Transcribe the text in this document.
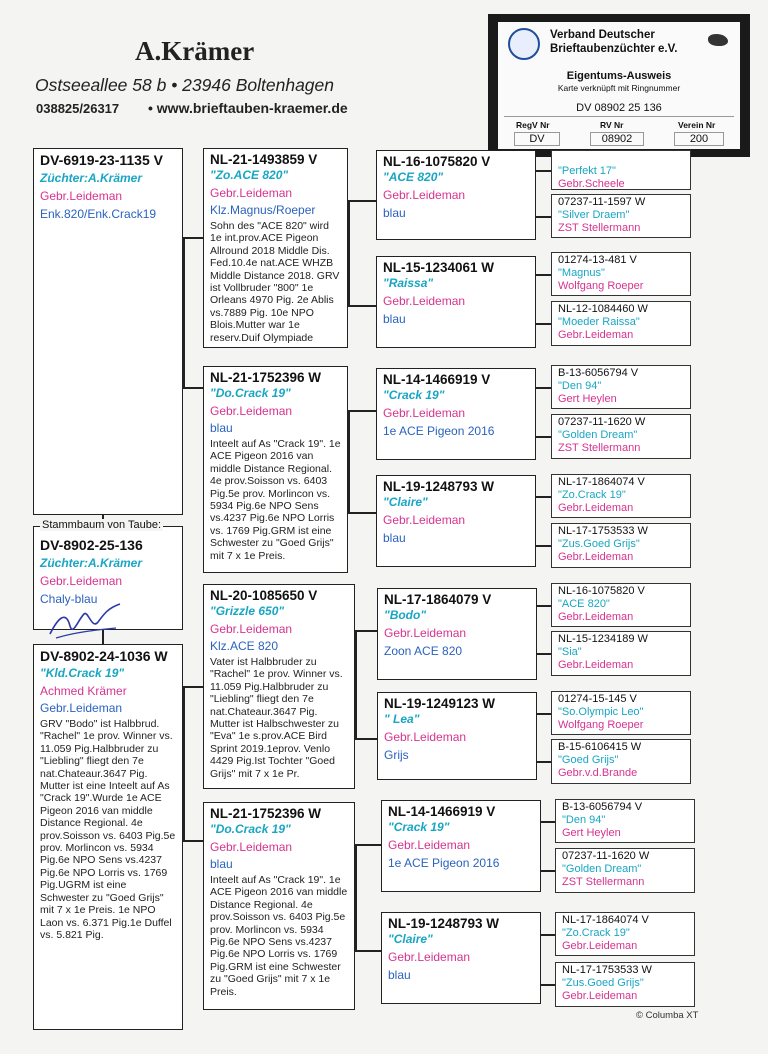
A.Krämer
Ostseeallee 58 b • 23946 Boltenhagen
038825/26317 • www.brieftauben-kraemer.de
Verband Deutscher
Brieftaubenzüchter e.V.
Eigentums-Ausweis
Karte verknüpft mit Ringnummer
DV 08902 25 136
RegV Nr	RV Nr	Verein Nr
DV	08902	200
DV-6919-23-1135 V
Züchter:A.Krämer
Gebr.Leideman
Enk.820/Enk.Crack19
Stammbaum von Taube:
DV-8902-25-136
Züchter:A.Krämer
Gebr.Leideman
Chaly-blau
DV-8902-24-1036 W
"Kld.Crack 19"
Achmed Krämer
Gebr.Leideman
GRV "Bodo" ist Halbbrud. "Rachel" 1e prov. Winner vs. 11.059 Pig.Halbbruder zu "Liebling" fliegt den 7e nat.Chateaur.3647 Pig. Mutter ist eine Inteelt auf As "Crack 19".Wurde 1e ACE Pigeon 2016 van middle Distance Regional. 4e prov.Soisson vs. 6403 Pig.5e prov. Morlincon vs. 5934 Pig.6e NPO Sens vs.4237 Pig.6e NPO Lorris vs. 1769 Pig.UGRM ist eine Schwester zu "Goed Grijs" mit 7 x 1e Preis. 1e NPO Laon vs. 6.371 Pig.1e Duffel vs. 5.821 Pig.
NL-21-1493859 V
"Zo.ACE 820"
Gebr.Leideman
Klz.Magnus/Roeper
Sohn des "ACE 820" wird 1e int.prov.ACE Pigeon Allround 2018 Middle Dis. Fed.10.4e nat.ACE WHZB Middle Distance 2018. GRV ist Vollbruder "800" 1e Orleans 4970 Pig. 2e Ablis vs.7889 Pig. 10e NPO Blois.Mutter war 1e reserv.Duif Olympiade
NL-21-1752396 W
"Do.Crack 19"
Gebr.Leideman
blau
Inteelt auf As "Crack 19". 1e ACE Pigeon 2016 van middle Distance Regional. 4e prov.Soisson vs. 6403 Pig.5e prov. Morlincon vs. 5934 Pig.6e NPO Sens vs.4237 Pig.6e NPO Lorris vs. 1769 Pig.GRM ist eine Schwester zu "Goed Grijs" mit 7 x 1e Preis.
NL-20-1085650 V
"Grizzle 650"
Gebr.Leideman
Klz.ACE 820
Vater ist Halbbruder zu "Rachel" 1e prov. Winner vs. 11.059 Pig.Halbbruder zu "Liebling" fliegt den 7e nat.Chateaur.3647 Pig. Mutter ist Halbschwester zu "Eva" 1e s.prov.ACE Bird Sprint 2019.1eprov. Venlo 4429 Pig.Ist Tochter "Goed Grijs" mit 7 x 1e Pr.
NL-21-1752396 W
"Do.Crack 19"
Gebr.Leideman
blau
Inteelt auf As "Crack 19". 1e ACE Pigeon 2016 van middle Distance Regional. 4e prov.Soisson vs. 6403 Pig.5e prov. Morlincon vs. 5934 Pig.6e NPO Sens vs.4237 Pig.6e NPO Lorris vs. 1769 Pig.GRM ist eine Schwester zu "Goed Grijs" mit 7 x 1e Preis.
NL-16-1075820 V
"ACE 820"
Gebr.Leideman
blau
NL-15-1234061 W
"Raissa"
Gebr.Leideman
blau
NL-14-1466919 V
"Crack 19"
Gebr.Leideman
1e ACE Pigeon 2016
NL-19-1248793 W
"Claire"
Gebr.Leideman
blau
NL-17-1864079 V
"Bodo"
Gebr.Leideman
Zoon ACE 820
NL-19-1249123 W
" Lea"
Gebr.Leideman
Grijs
NL-14-1466919 V
"Crack 19"
Gebr.Leideman
1e ACE Pigeon 2016
NL-19-1248793 W
"Claire"
Gebr.Leideman
blau
"Perfekt 17"
Gebr.Scheele
07237-11-1597 W
"Silver Draem"
ZST Stellermann
01274-13-481 V
"Magnus"
Wolfgang Roeper
NL-12-1084460 W
"Moeder Raissa"
Gebr.Leideman
B-13-6056794 V
"Den 94"
Gert Heylen
07237-11-1620 W
"Golden Dream"
ZST Stellermann
NL-17-1864074 V
"Zo.Crack 19"
Gebr.Leideman
NL-17-1753533 W
"Zus.Goed Grijs"
Gebr.Leideman
NL-16-1075820 V
"ACE 820"
Gebr.Leideman
NL-15-1234189 W
"Sia"
Gebr.Leideman
01274-15-145 V
"So.Olympic Leo"
Wolfgang Roeper
B-15-6106415 W
"Goed Grijs"
Gebr.v.d.Brande
B-13-6056794 V
"Den 94"
Gert Heylen
07237-11-1620 W
"Golden Dream"
ZST Stellermann
NL-17-1864074 V
"Zo.Crack 19"
Gebr.Leideman
NL-17-1753533 W
"Zus.Goed Grijs"
Gebr.Leideman
© Columba XT
